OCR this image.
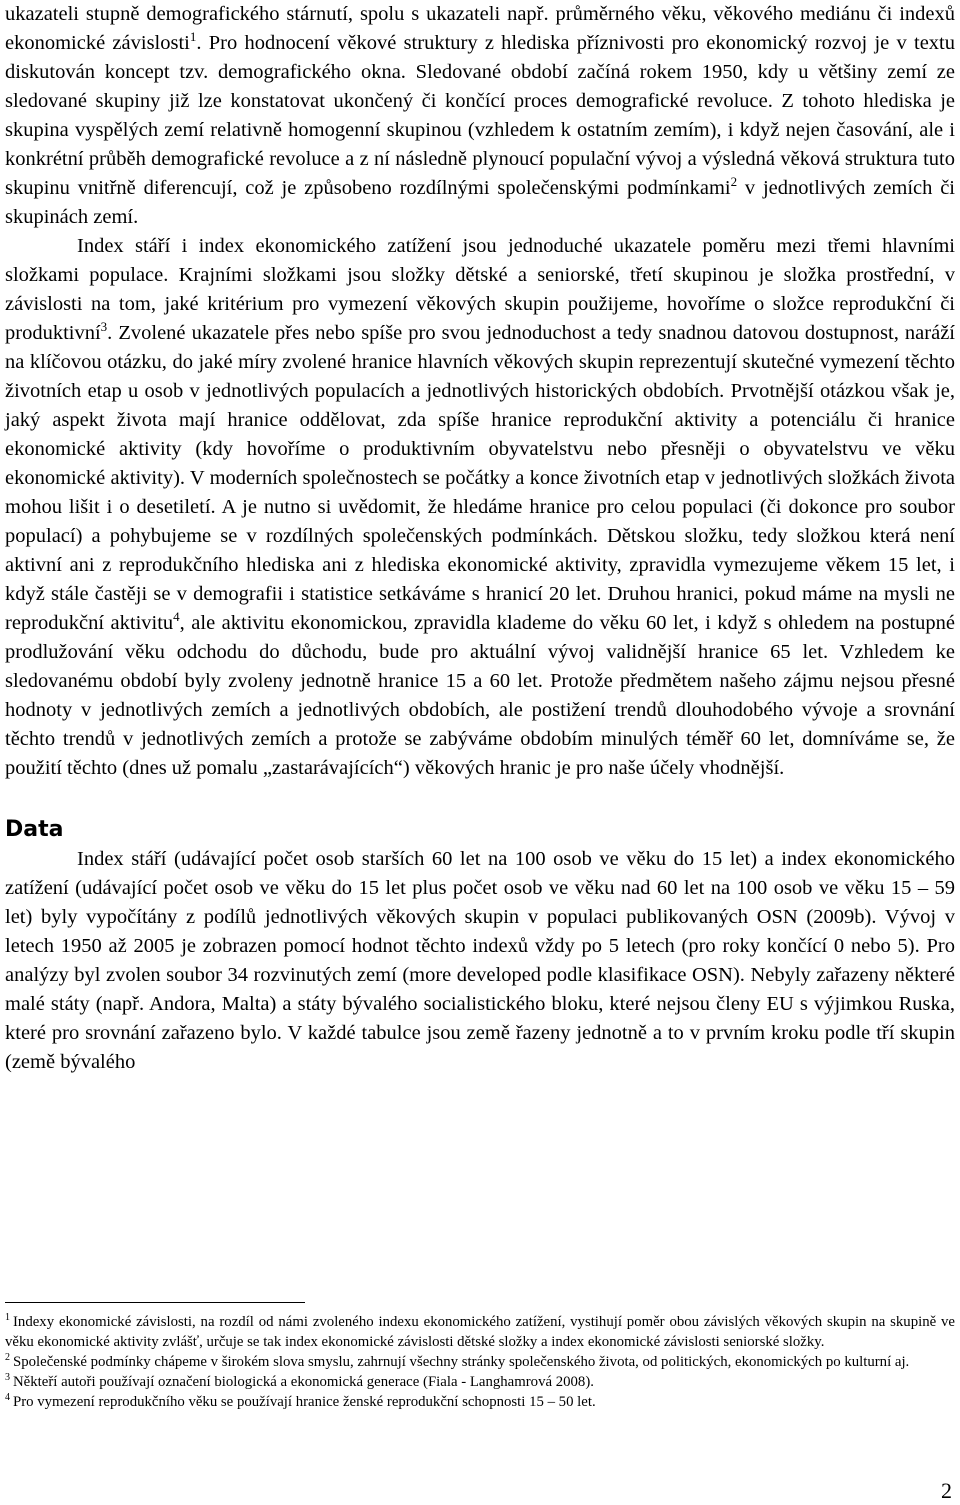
ukazateli stupně demografického stárnutí, spolu s ukazateli např. průměrného věku, věkového mediánu či indexů ekonomické závislosti$^1$. Pro hodnocení věkové struktury z hlediska příznivosti pro ekonomický rozvoj je v textu diskutován koncept tzv. demografického okna. Sledované období začíná rokem 1950, kdy u většiny zemí ze sledované skupiny již lze konstatovat ukončený či končící proces demografické revoluce. Z tohoto hlediska je skupina vyspělých zemí relativně homogenní skupinou (vzhledem k ostatním zemím), i když nejen časování, ale i konkrétní průběh demografické revoluce a z ní následně plynoucí populační vývoj a výsledná věková struktura tuto skupinu vnitřně diferencují, což je způsobeno rozdílnými společenskými podmínkami$^2$ v jednotlivých zemích či skupinách zemí.

Index stáří i index ekonomického zatížení jsou jednoduché ukazatele poměru mezi třemi hlavními složkami populace. Krajními složkami jsou složky dětské a seniorské, třetí skupinou je složka prostřední, v závislosti na tom, jaké kritérium pro vymezení věkových skupin použijeme, hovoříme o složce reprodukční či produktivní$^3$. Zvolené ukazatele přes nebo spíše pro svou jednoduchost a tedy snadnou datovou dostupnost, naráží na klíčovou otázku, do jaké míry zvolené hranice hlavních věkových skupin reprezentují skutečné vymezení těchto životních etap u osob v jednotlivých populacích a jednotlivých historických obdobích. Prvotnější otázkou však je, jaký aspekt života mají hranice oddělovat, zda spíše hranice reprodukční aktivity a potenciálu či hranice ekonomické aktivity (kdy hovoříme o produktivním obyvatelstvu nebo přesněji o obyvatelstvu ve věku ekonomické aktivity). V moderních společnostech se počátky a konce životních etap v jednotlivých složkách života mohou lišit i o desetiletí. A je nutno si uvědomit, že hledáme hranice pro celou populaci (či dokonce pro soubor populací) a pohybujeme se v rozdílných společenských podmínkách. Dětskou složku, tedy složkou která není aktivní ani z reprodukčního hlediska ani z hlediska ekonomické aktivity, zpravidla vymezujeme věkem 15 let, i když stále častěji se v demografii i statistice setkáváme s hranicí 20 let. Druhou hranici, pokud máme na mysli ne reprodukční aktivitu$^4$, ale aktivitu ekonomickou, zpravidla klademe do věku 60 let, i když s ohledem na postupné prodlužování věku odchodu do důchodu, bude pro aktuální vývoj validnější hranice 65 let. Vzhledem ke sledovanému období byly zvoleny jednotně hranice 15 a 60 let. Protože předmětem našeho zájmu nejsou přesné hodnoty v jednotlivých zemích a jednotlivých obdobích, ale postižení trendů dlouhodobého vývoje a srovnání těchto trendů v jednotlivých zemích a protože se zabýváme obdobím minulých téměř 60 let, domníváme se, že použití těchto (dnes už pomalu „zastarávajících“) věkových hranic je pro naše účely vhodnější.

Data

Index stáří (udávající počet osob starších 60 let na 100 osob ve věku do 15 let) a index ekonomického zatížení (udávající počet osob ve věku do 15 let plus počet osob ve věku nad 60 let na 100 osob ve věku 15 – 59 let) byly vypočítány z podílů jednotlivých věkových skupin v populaci publikovaných OSN (2009b). Vývoj v letech 1950 až 2005 je zobrazen pomocí hodnot těchto indexů vždy po 5 letech (pro roky končící 0 nebo 5). Pro analýzy byl zvolen soubor 34 rozvinutých zemí (more developed podle klasifikace OSN). Nebyly zařazeny některé malé státy (např. Andora, Malta) a státy bývalého socialistického bloku, které nejsou členy EU s výjimkou Ruska, které pro srovnání zařazeno bylo. V každé tabulce jsou země řazeny jednotně a to v prvním kroku podle tří skupin (země bývalého

$^1$ Indexy ekonomické závislosti, na rozdíl od námi zvoleného indexu ekonomického zatížení, vystihují poměr obou závislých věkových skupin na skupině ve věku ekonomické aktivity zvlášť, určuje se tak index ekonomické závislosti dětské složky a index ekonomické závislosti seniorské složky.

$^2$ Společenské podmínky chápeme v širokém slova smyslu, zahrnují všechny stránky společenského života, od politických, ekonomických po kulturní aj.

$^3$ Někteří autoři používají označení biologická a ekonomická generace (Fiala - Langhamrová 2008).

$^4$ Pro vymezení reprodukčního věku se používají hranice ženské reprodukční schopnosti 15 – 50 let.

2
